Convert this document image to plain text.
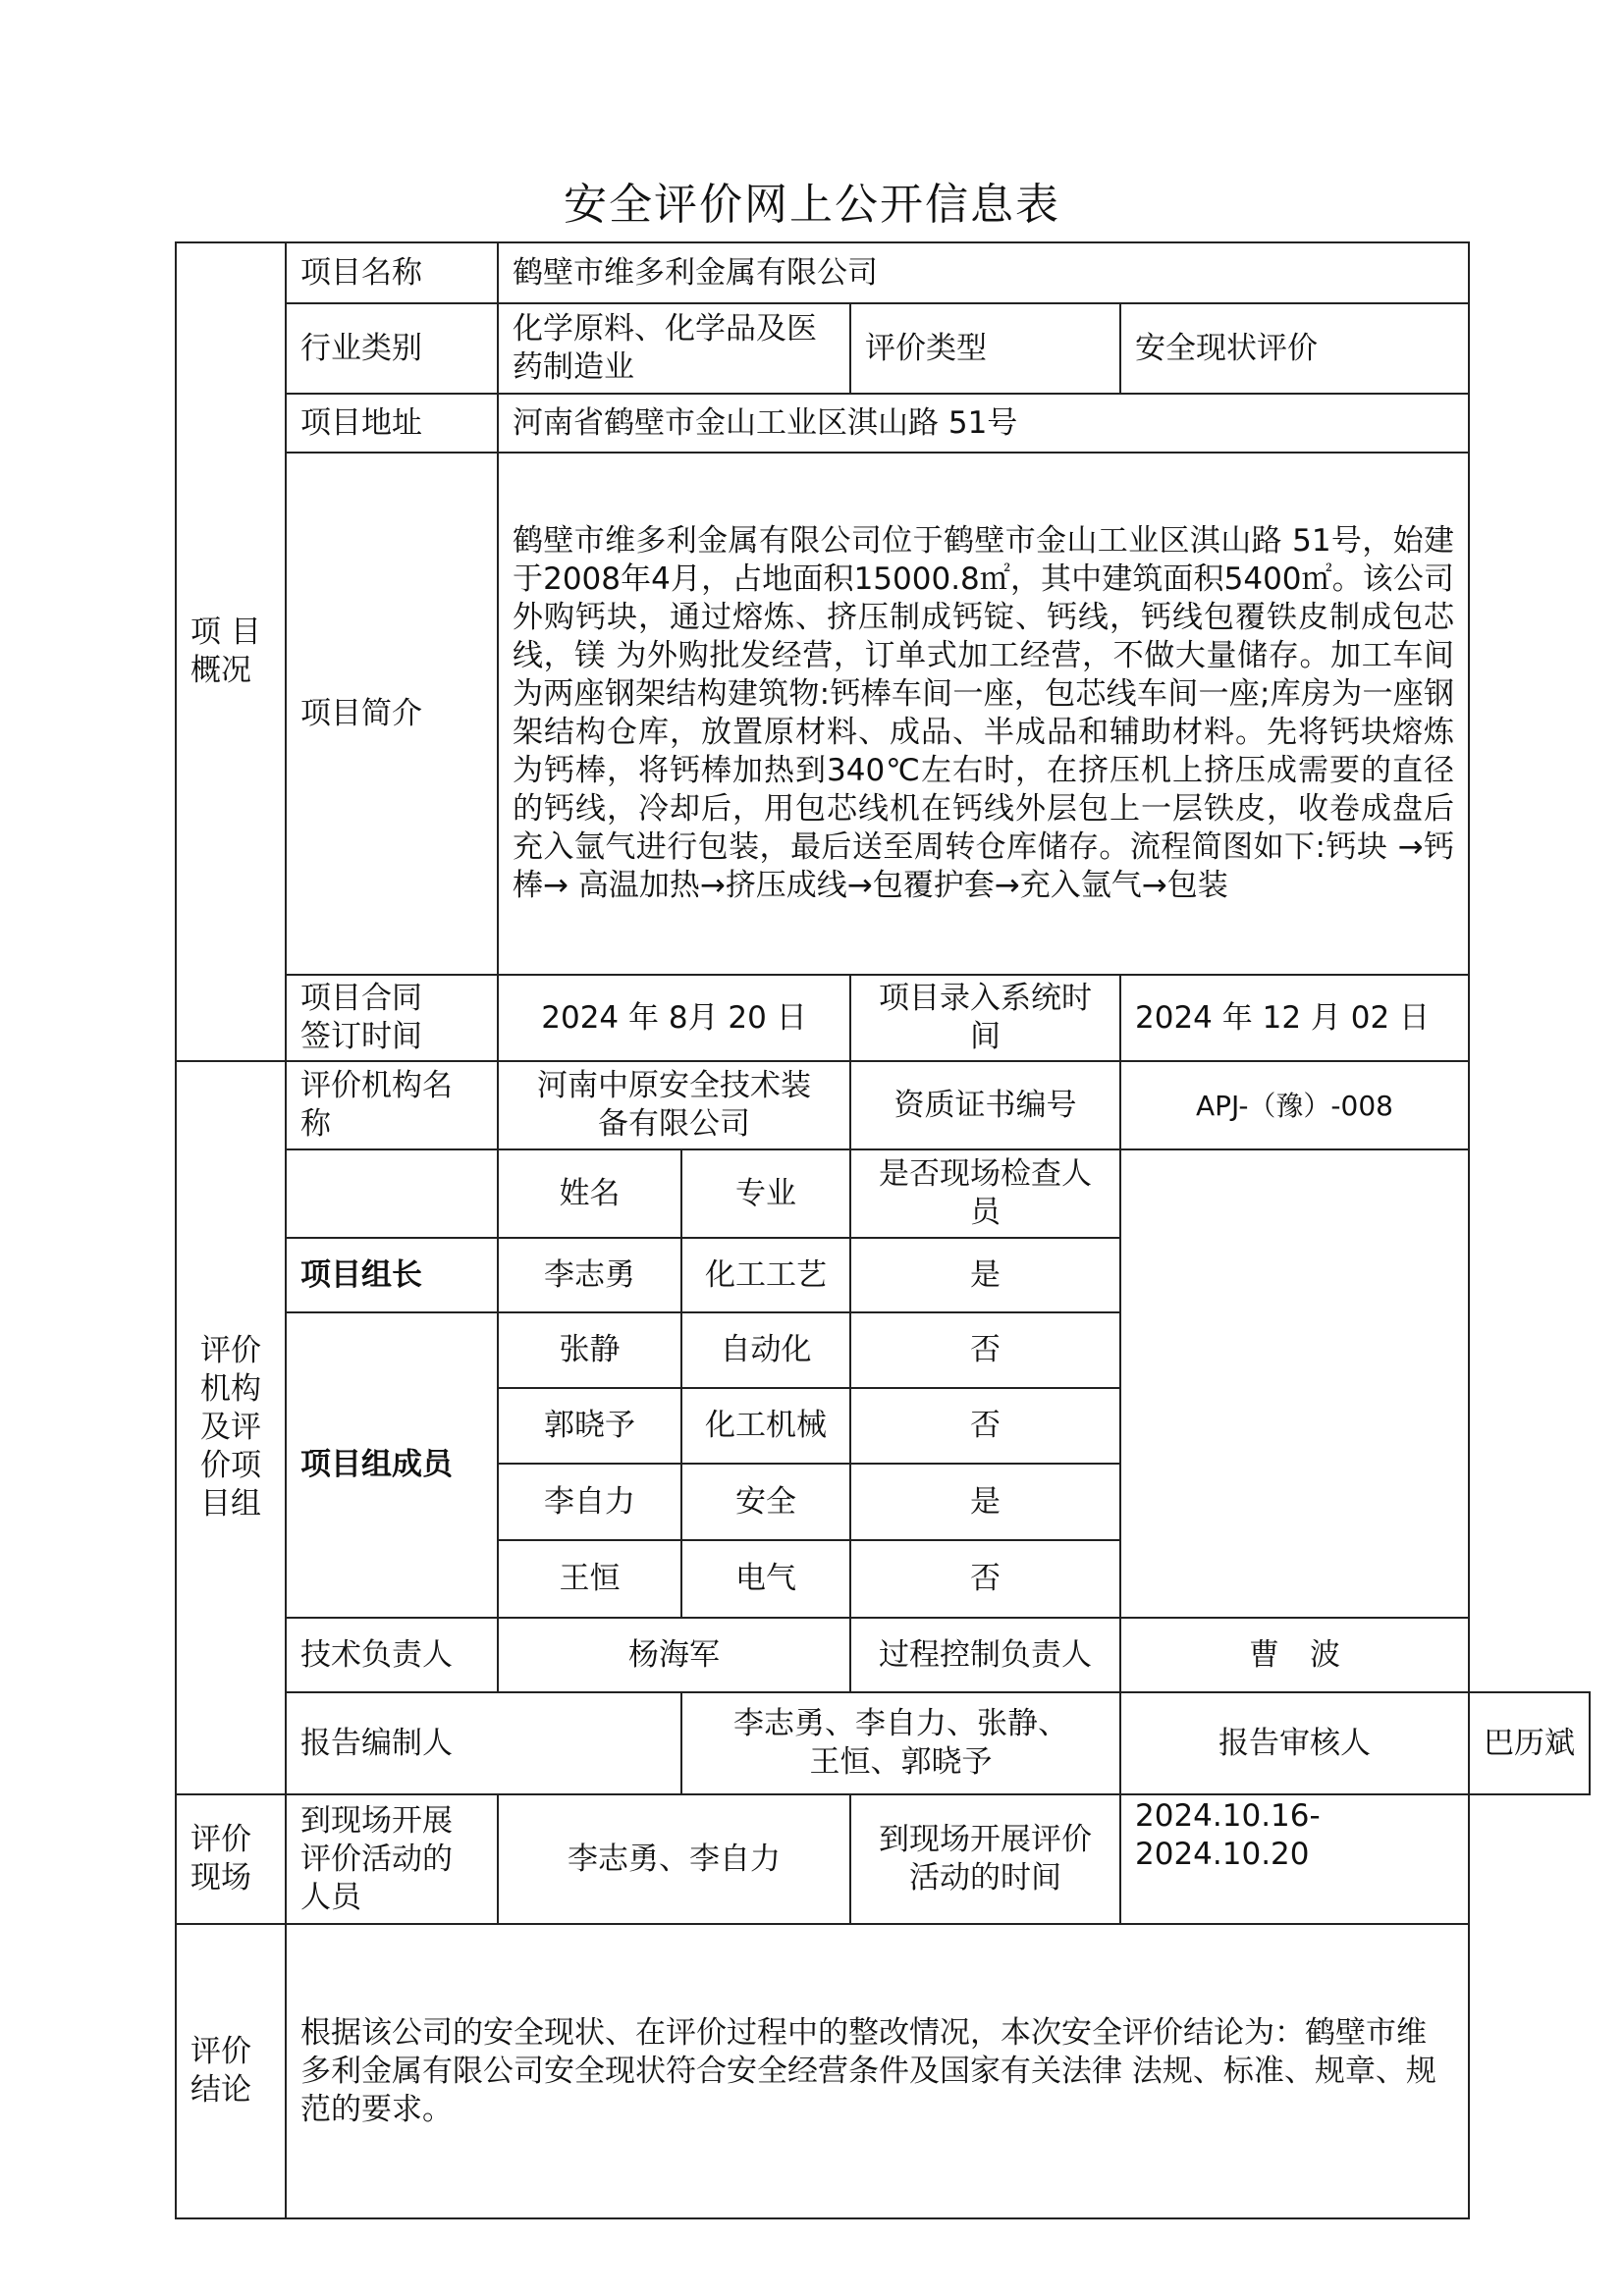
安全评价网上公开信息表
项 目
概况	项目名称	鹤壁市维多利金属有限公司		
	行业类别	化学原料、化学品及医
药制造业	评价类型	安全现状评价
	项目地址	河南省鹤壁市金山工业区淇山路 51号		
	项目简介	鹤壁市维多利金属有限公司位于鹤壁市金山工业区淇山路 51号，始建 于2008年4月，占地面积15000.8㎡，其中建筑面积5400㎡。该公司外购钙块，通过熔炼、挤压制成钙锭、钙线，钙线包覆铁皮制成包芯线，镁 为外购批发经营，订单式加工经营，不做大量储存。加工车间为两座钢架结构建筑物:钙棒车间一座，包芯线车间一座;库房为一座钢架结构仓库，放置原材料、成品、半成品和辅助材料。先将钙块熔炼为钙棒，将钙棒加热到340℃左右时，在挤压机上挤压成需要的直径的钙线，冷却后，用包芯线机在钙线外层包上一层铁皮，收卷成盘后充入氩气进行包装，最后送至周转仓库储存。流程简图如下:钙块 →钙棒→ 高温加热→挤压成线→包覆护套→充入氩气→包装		

	项目合同
签订时间	2024 年 8月 20 日	项目录入系统时
间	2024 年 12 月 02 日
评价
机构
及评
价项
目组	评价机构名
称	河南中原安全技术装
备有限公司		资质证书编号	APJ-（豫）-008	
		姓名	专业	是否现场检查人
员		

	项目组长	李志勇	化工工艺	是		
	项目组成员	张静	自动化	否		
		郭晓予	化工机械	否		
		李自力	安全	是		
		王恒	电气	否		
	技术负责人	杨海军		过程控制负责人	曹　波	
	报告编制人		李志勇、李自力、张静、
王恒、郭晓予		报告审核人	巴历斌

评价
现场	到现场开展
评价活动的
人员	李志勇、李自力		到现场开展评价
活动的时间	2024.10.16-
2024.10.20	

评价
结论	根据该公司的安全现状、在评价过程中的整改情况，本次安全评价结论为：鹤壁市维多利金属有限公司安全现状符合安全经营条件及国家有关法律 法规、标准、规章、规范的要求。					
